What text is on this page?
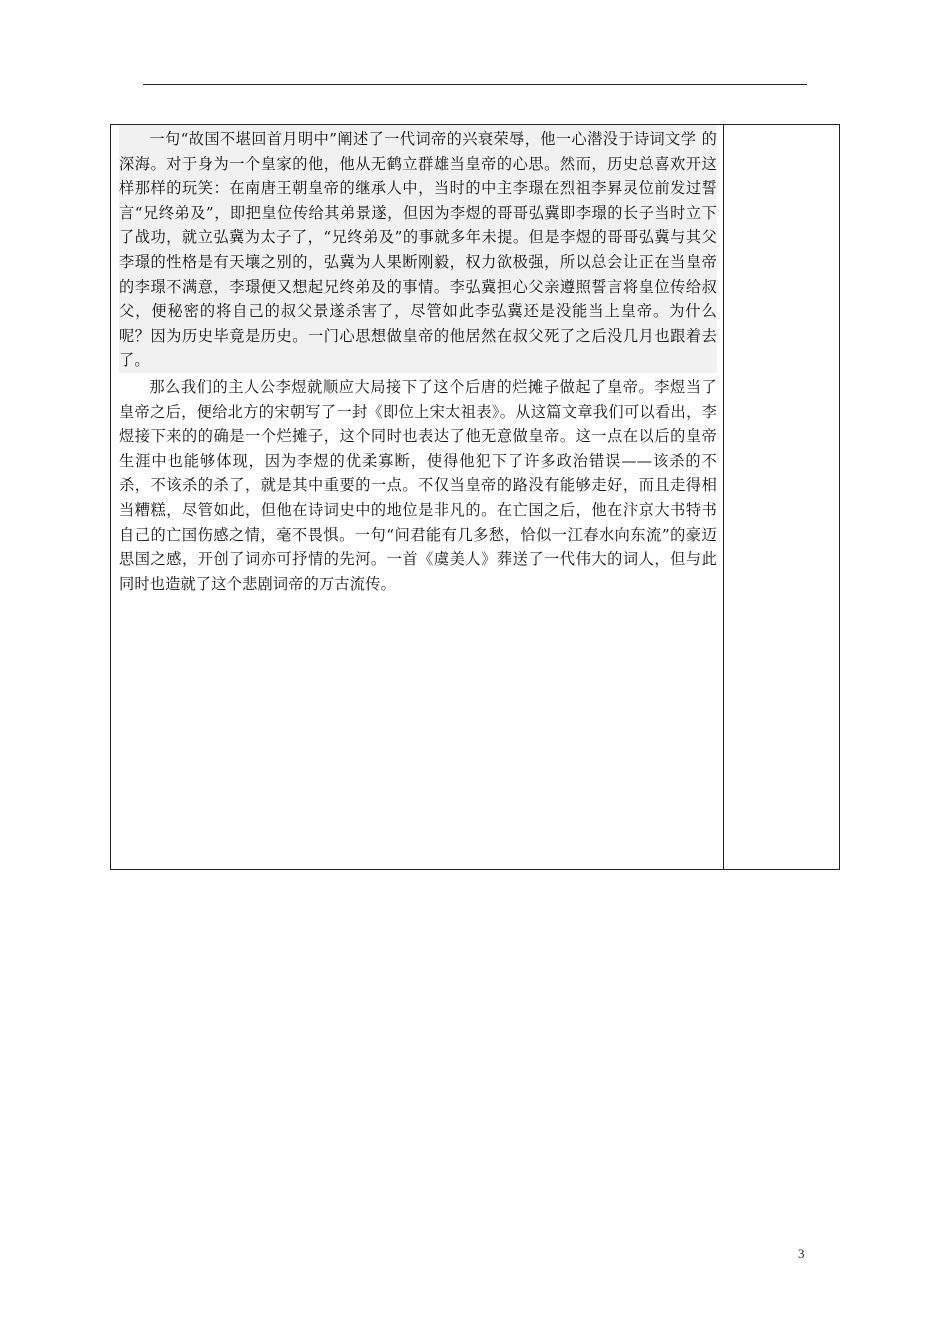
一句“故国不堪回首月明中”阐述了一代词帝的兴衰荣辱，他一心潜没于诗词文学 的深海。对于身为一个皇家的他，他从无鹤立群雄当皇帝的心思。然而，历史总喜欢开这样那样的玩笑：在南唐王朝皇帝的继承人中，当时的中主李璟在烈祖李昪灵位前发过誓言“兄终弟及”，即把皇位传给其弟景遂，但因为李煜的哥哥弘冀即李璟的长子当时立下了战功，就立弘冀为太子了，“兄终弟及”的事就多年未提。但是李煜的哥哥弘冀与其父李璟的性格是有天壤之别的，弘冀为人果断刚毅，权力欲极强，所以总会让正在当皇帝的李璟不满意，李璟便又想起兄终弟及的事情。李弘冀担心父亲遵照誓言将皇位传给叔父，便秘密的将自己的叔父景遂杀害了，尽管如此李弘冀还是没能当上皇帝。为什么呢？因为历史毕竟是历史。一门心思想做皇帝的他居然在叔父死了之后没几月也跟着去了。

那么我们的主人公李煜就顺应大局接下了这个后唐的烂摊子做起了皇帝。李煜当了皇帝之后，便给北方的宋朝写了一封《即位上宋太祖表》。从这篇文章我们可以看出，李煜接下来的的确是一个烂摊子，这个同时也表达了他无意做皇帝。这一点在以后的皇帝生涯中也能够体现，因为李煜的优柔寡断，使得他犯下了许多政治错误——该杀的不杀，不该杀的杀了，就是其中重要的一点。不仅当皇帝的路没有能够走好，而且走得相当糟糕，尽管如此，但他在诗词史中的地位是非凡的。在亡国之后，他在汴京大书特书自己的亡国伤感之情，毫不畏惧。一句“问君能有几多愁，恰似一江春水向东流”的豪迈思国之感，开创了词亦可抒情的先河。一首《虞美人》葬送了一代伟大的词人，但与此同时也造就了这个悲剧词帝的万古流传。

3
